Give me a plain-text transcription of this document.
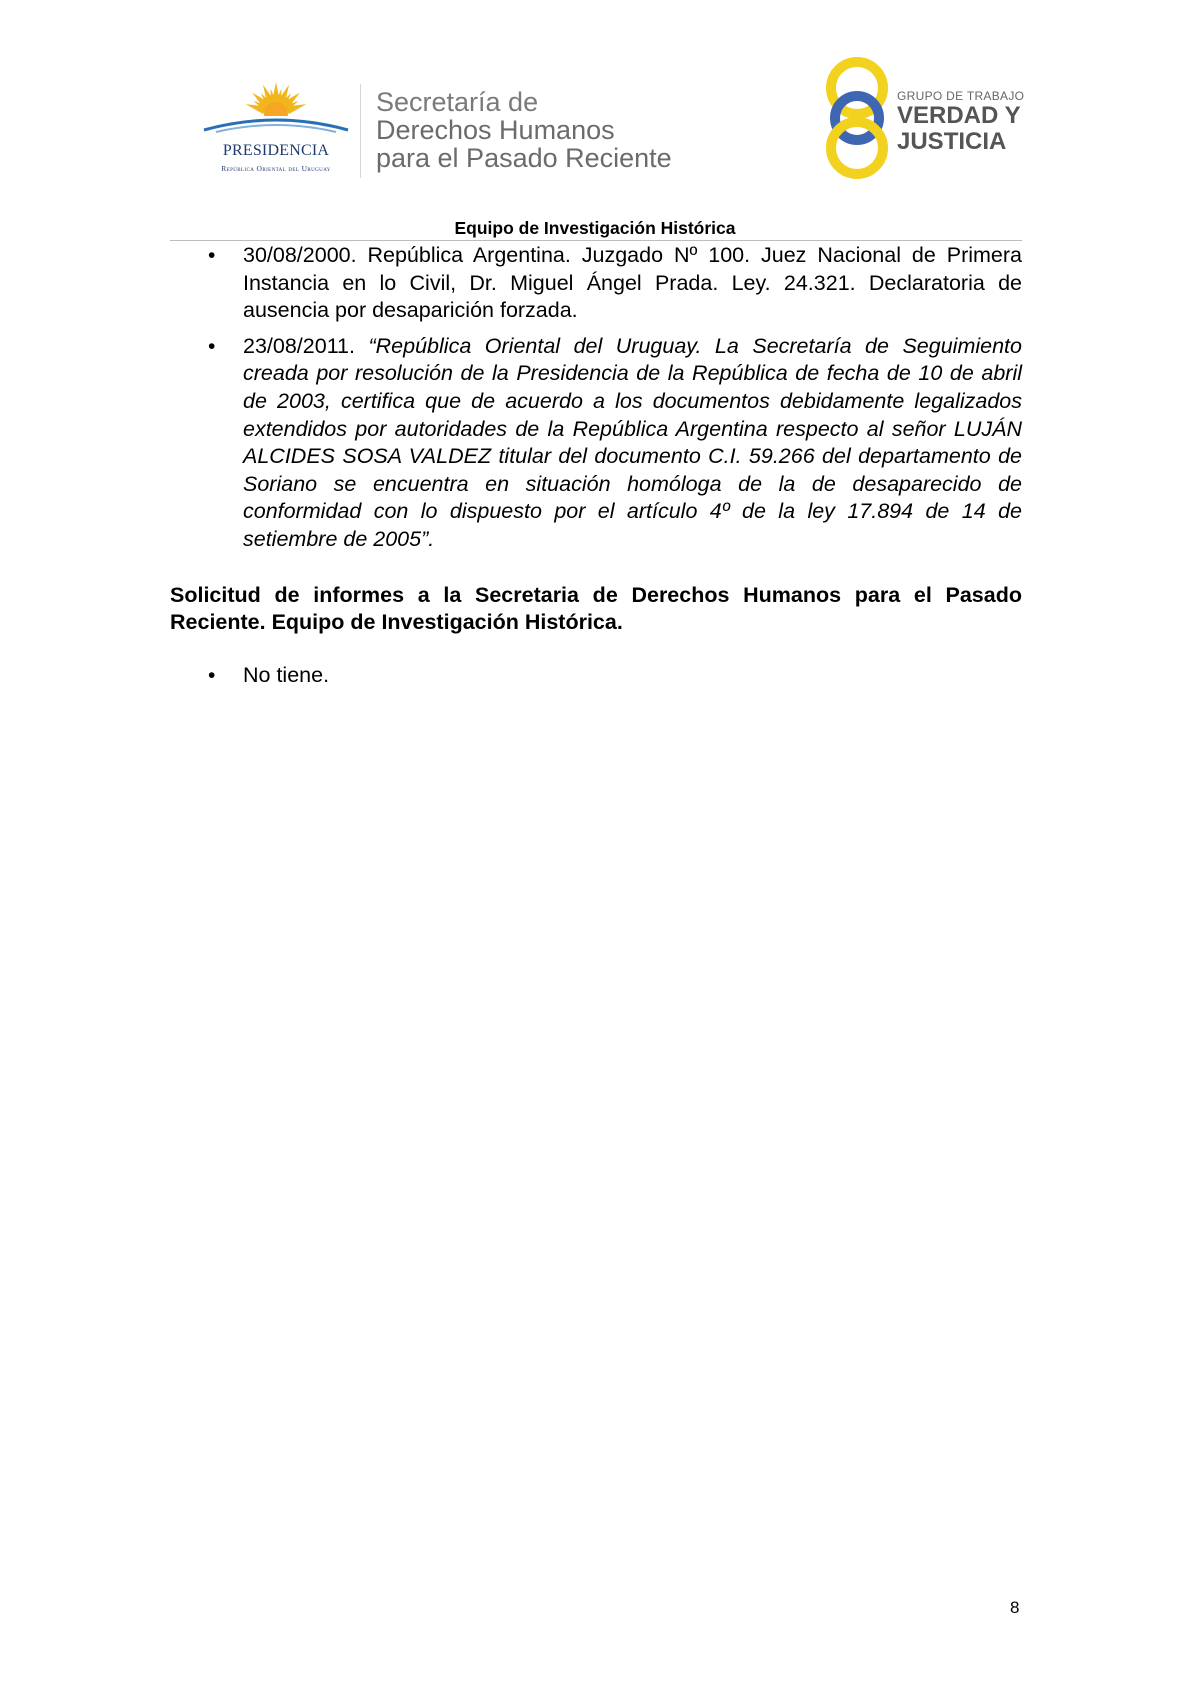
PRESIDENCIA
República Oriental del Uruguay
Secretaría de
Derechos Humanos
para el Pasado Reciente
GRUPO DE TRABAJO
VERDAD Y
JUSTICIA
Equipo de Investigación Histórica
• 30/08/2000. República Argentina. Juzgado Nº 100. Juez Nacional de Primera Instancia en lo Civil, Dr. Miguel Ángel Prada. Ley. 24.321. Declaratoria de ausencia por desaparición forzada.
• 23/08/2011. “República Oriental del Uruguay. La Secretaría de Seguimiento creada por resolución de la Presidencia de la República de fecha de 10 de abril de 2003, certifica que de acuerdo a los documentos debidamente legalizados extendidos por autoridades de la República Argentina respecto al señor LUJÁN ALCIDES SOSA VALDEZ titular del documento C.I. 59.266 del departamento de Soriano se encuentra en situación homóloga de la de desaparecido de conformidad con lo dispuesto por el artículo 4º de la ley 17.894 de 14 de setiembre de 2005”.
Solicitud de informes a la Secretaria de Derechos Humanos para el Pasado Reciente. Equipo de Investigación Histórica.
• No tiene.
8
